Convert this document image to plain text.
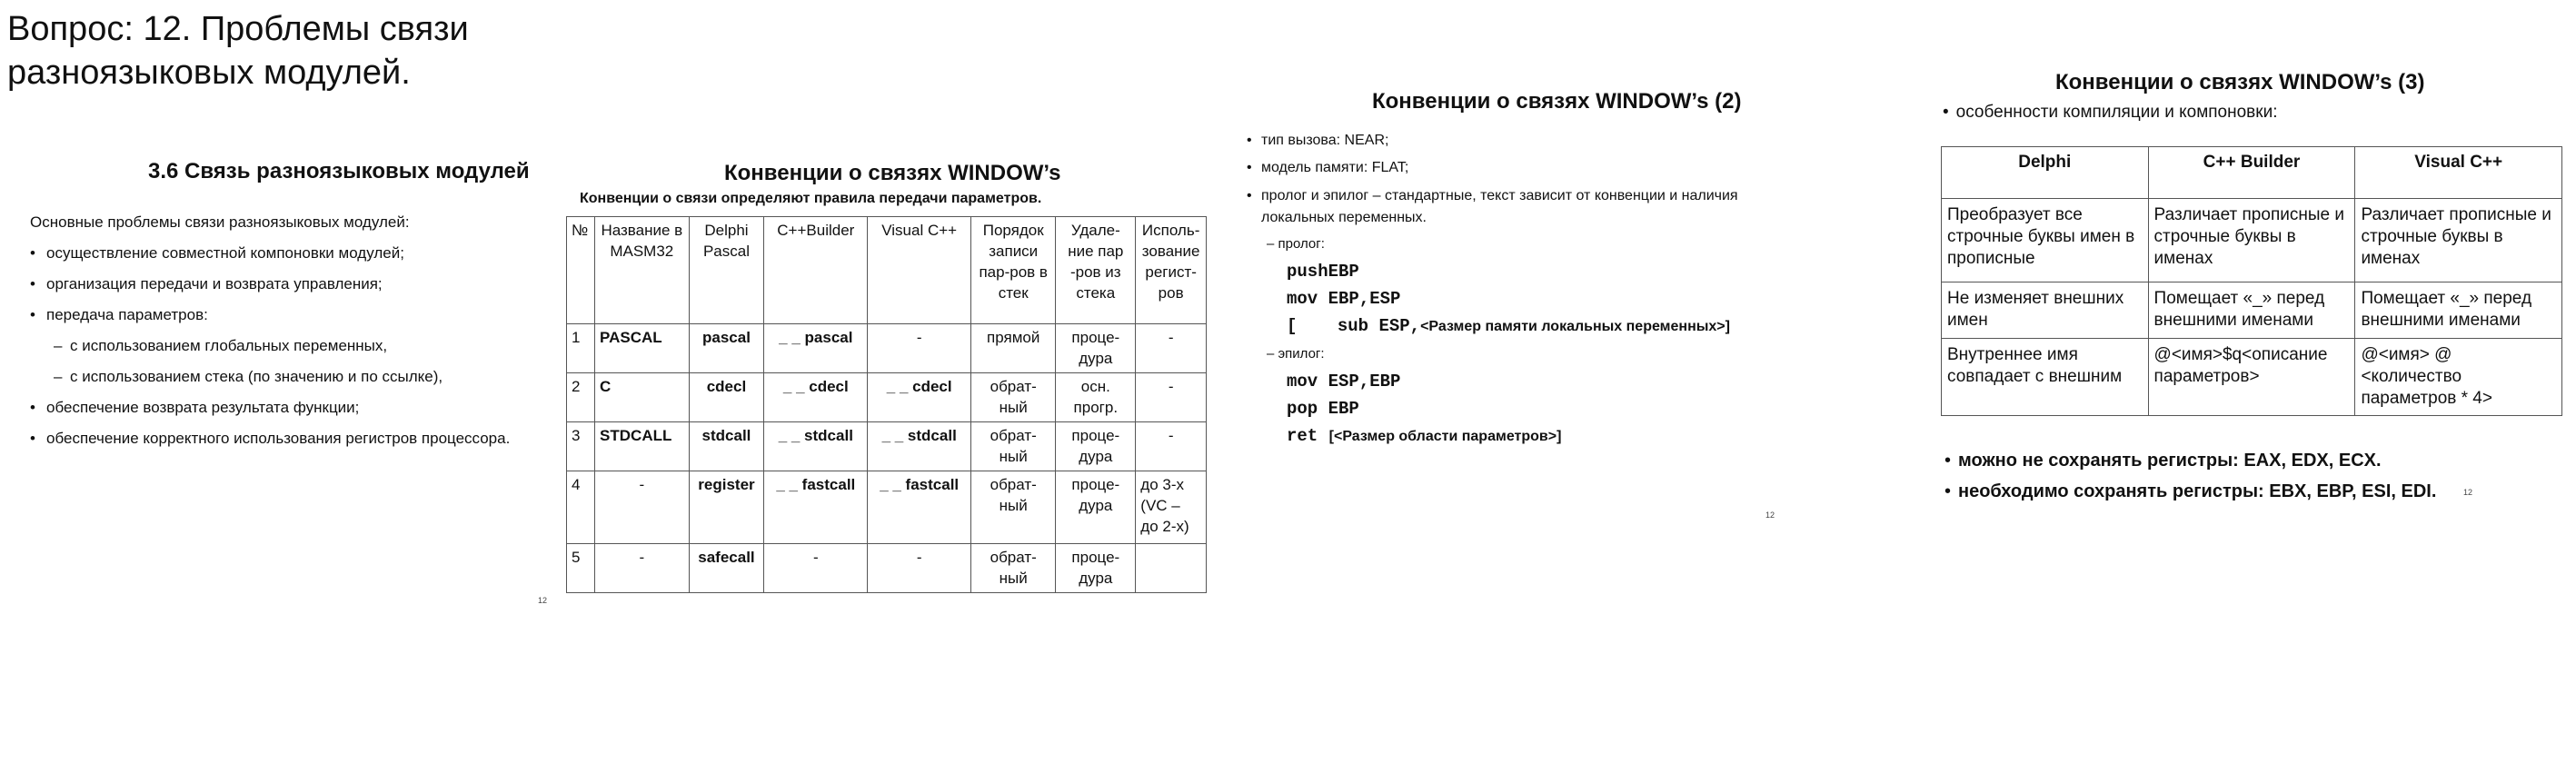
Вопрос: 12. Проблемы связи
разноязыковых модулей.
3.6 Связь разноязыковых модулей
Основные проблемы связи разноязыковых модулей:
• осуществление совместной компоновки модулей;
• организация передачи и возврата управления;
• передача параметров:
– с использованием глобальных переменных,
– с использованием стека (по значению и по ссылке),
• обеспечение возврата результата функции;
• обеспечение корректного использования регистров процессора.
12
Конвенции о связях WINDOW’s
Конвенции о связи определяют правила передачи параметров.
№	Название в MASM32	Delphi Pascal	C++Builder	Visual C++	Порядок записи пар-ров в стек	Удале-ние пар -ров из стека	Исполь-зование регист-ров
1	PASCAL	pascal	_ _ pascal	-	прямой	проце-дура	-
2	C	cdecl	_ _ cdecl	_ _ cdecl	обрат-ный	осн. прогр.	-
3	STDCALL	stdcall	_ _ stdcall	_ _ stdcall	обрат-ный	проце-дура	-
4	-	register	_ _ fastcall	_ _ fastcall	обрат-ный	проце-дура	до 3-х (VC – до 2-х)
5	-	safecall	-	-	обрат-ный	проце-дура	
Конвенции о связях WINDOW’s (2)
• тип вызова: NEAR;
• модель памяти: FLAT;
• пролог и эпилог – стандартные, текст зависит от конвенции и наличия
локальных переменных.
– пролог:
pushEBP
mov EBP,ESP
[ sub ESP,<Размер памяти локальных переменных>]
– эпилог:
mov ESP,EBP
pop EBP
ret [<Размер области параметров>]
12
Конвенции о связях WINDOW’s (3)
• особенности компиляции и компоновки:
Delphi	C++ Builder	Visual C++
Преобразует все строчные буквы имен в прописные	Различает прописные и строчные буквы в именах	Различает прописные и строчные буквы в именах
Не изменяет внешних имен	Помещает «_» перед внешними именами	Помещает «_» перед внешними именами
Внутреннее имя совпадает с внешним	@<имя>$q<описание параметров>	@<имя> @ <количество параметров * 4>
• можно не сохранять регистры: EAX, EDX, ECX.
• необходимо сохранять регистры: EBX, EBP, ESI, EDI.	12
